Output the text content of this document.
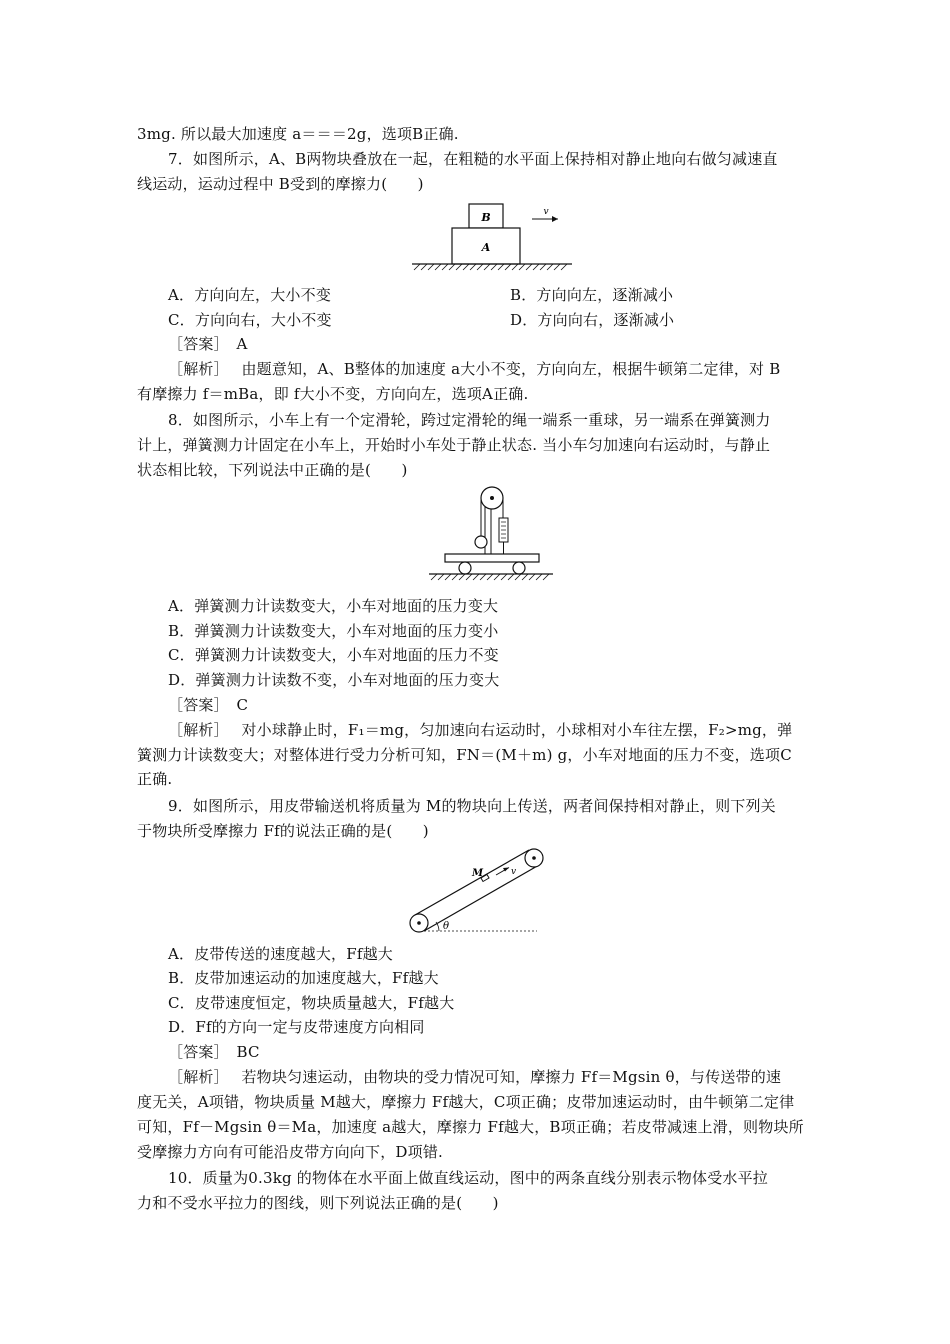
3mg. 所以最大加速度 a＝＝＝2g，选项B正确.
7．如图所示，A、B两物块叠放在一起，在粗糙的水平面上保持相对静止地向右做匀减速直
线运动，运动过程中 B受到的摩擦力(　　)
B
A
v
A．方向向左，大小不变	B．方向向左，逐渐减小
C．方向向右，大小不变	D．方向向右，逐渐减小
［答案］　A
［解析］　 由题意知，A、B整体的加速度 a大小不变，方向向左，根据牛顿第二定律，对 B
有摩擦力 f＝mBa，即 f大小不变，方向向左，选项A正确.
8．如图所示，小车上有一个定滑轮，跨过定滑轮的绳一端系一重球，另一端系在弹簧测力
计上，弹簧测力计固定在小车上，开始时小车处于静止状态. 当小车匀加速向右运动时，与静止
状态相比较，下列说法中正确的是(　　)
A．弹簧测力计读数变大，小车对地面的压力变大
B．弹簧测力计读数变大，小车对地面的压力变小
C．弹簧测力计读数变大，小车对地面的压力不变
D．弹簧测力计读数不变，小车对地面的压力变大
［答案］　C
［解析］　 对小球静止时，F₁＝mg，匀加速向右运动时，小球相对小车往左摆，F₂>mg，弹
簧测力计读数变大；对整体进行受力分析可知，FN＝(M＋m) g，小车对地面的压力不变，选项C
正确.
9．如图所示，用皮带输送机将质量为 M的物块向上传送，两者间保持相对静止，则下列关
于物块所受摩擦力 Ff的说法正确的是(　　)
M	v
θ
A．皮带传送的速度越大，Ff越大
B．皮带加速运动的加速度越大，Ff越大
C．皮带速度恒定，物块质量越大，Ff越大
D．Ff的方向一定与皮带速度方向相同
［答案］　BC
［解析］　 若物块匀速运动，由物块的受力情况可知，摩擦力 Ff＝Mgsin θ，与传送带的速
度无关，A项错，物块质量 M越大，摩擦力 Ff越大，C项正确；皮带加速运动时，由牛顿第二定律
可知，Ff－Mgsin θ＝Ma，加速度 a越大，摩擦力 Ff越大，B项正确；若皮带减速上滑，则物块所
受摩擦力方向有可能沿皮带方向向下，D项错.
10．质量为0.3kg 的物体在水平面上做直线运动，图中的两条直线分别表示物体受水平拉
力和不受水平拉力的图线，则下列说法正确的是(　　)
